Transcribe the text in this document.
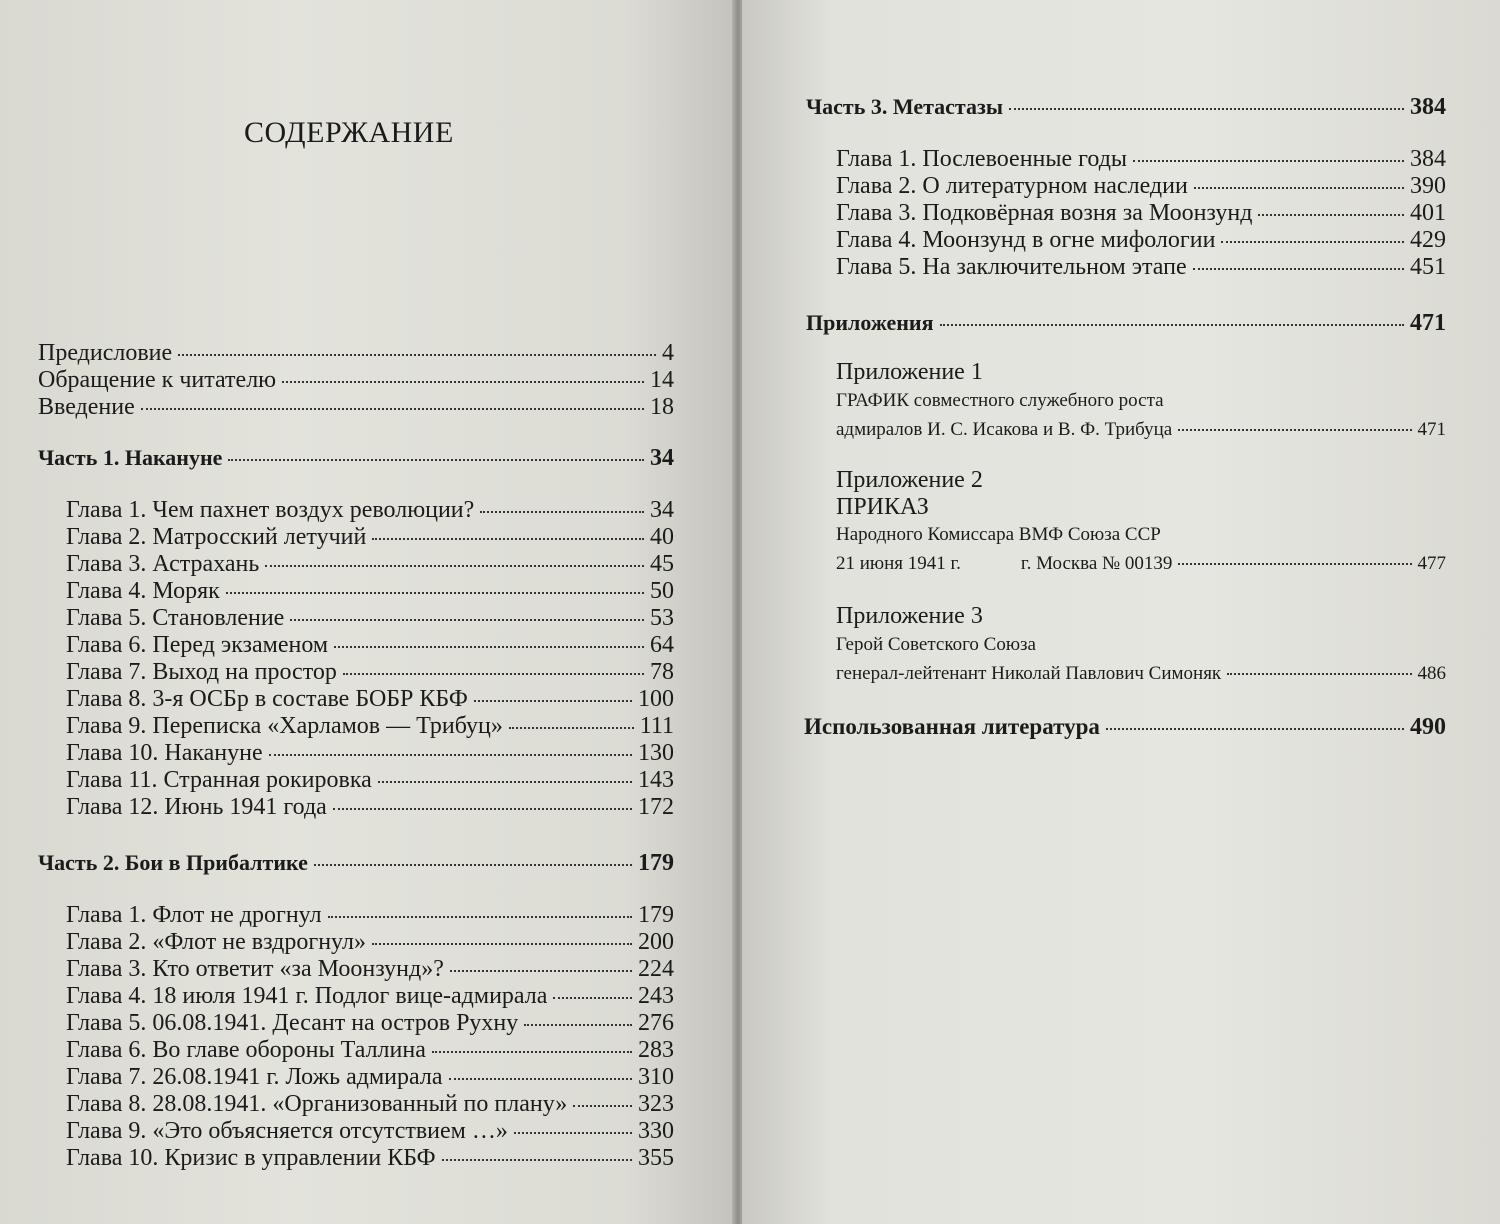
СОДЕРЖАНИЕ
Предисловие	4
Обращение к читателю	14
Введение	18
Часть 1. Накануне	34
Глава 1. Чем пахнет воздух революции?	34
Глава 2. Матросский летучий	40
Глава 3. Астрахань	45
Глава 4. Моряк	50
Глава 5. Становление	53
Глава 6. Перед экзаменом	64
Глава 7. Выход на простор	78
Глава 8. 3-я ОСБр в составе БОБР КБФ	100
Глава 9. Переписка «Харламов — Трибуц»	111
Глава 10. Накануне	130
Глава 11. Странная рокировка	143
Глава 12. Июнь 1941 года	172
Часть 2. Бои в Прибалтике	179
Глава 1. Флот не дрогнул	179
Глава 2. «Флот не вздрогнул»	200
Глава 3. Кто ответит «за Моонзунд»?	224
Глава 4. 18 июля 1941 г. Подлог вице-адмирала	243
Глава 5. 06.08.1941. Десант на остров Рухну	276
Глава 6. Во главе обороны Таллина	283
Глава 7. 26.08.1941 г. Ложь адмирала	310
Глава 8. 28.08.1941. «Организованный по плану»	323
Глава 9. «Это объясняется отсутствием …»	330
Глава 10. Кризис в управлении КБФ	355
Часть 3. Метастазы	384
Глава 1. Послевоенные годы	384
Глава 2. О литературном наследии	390
Глава 3. Подковёрная возня за Моонзунд	401
Глава 4. Моонзунд в огне мифологии	429
Глава 5. На заключительном этапе	451
Приложения	471
Приложение 1
ГРАФИК совместного служебного роста
адмиралов И. С. Исакова и В. Ф. Трибуца	471
Приложение 2
ПРИКАЗ
Народного Комиссара ВМФ Союза ССР
21 июня 1941 г.	г. Москва № 00139	477
Приложение 3
Герой Советского Союза
генерал-лейтенант Николай Павлович Симоняк	486
Использованная литература	490
